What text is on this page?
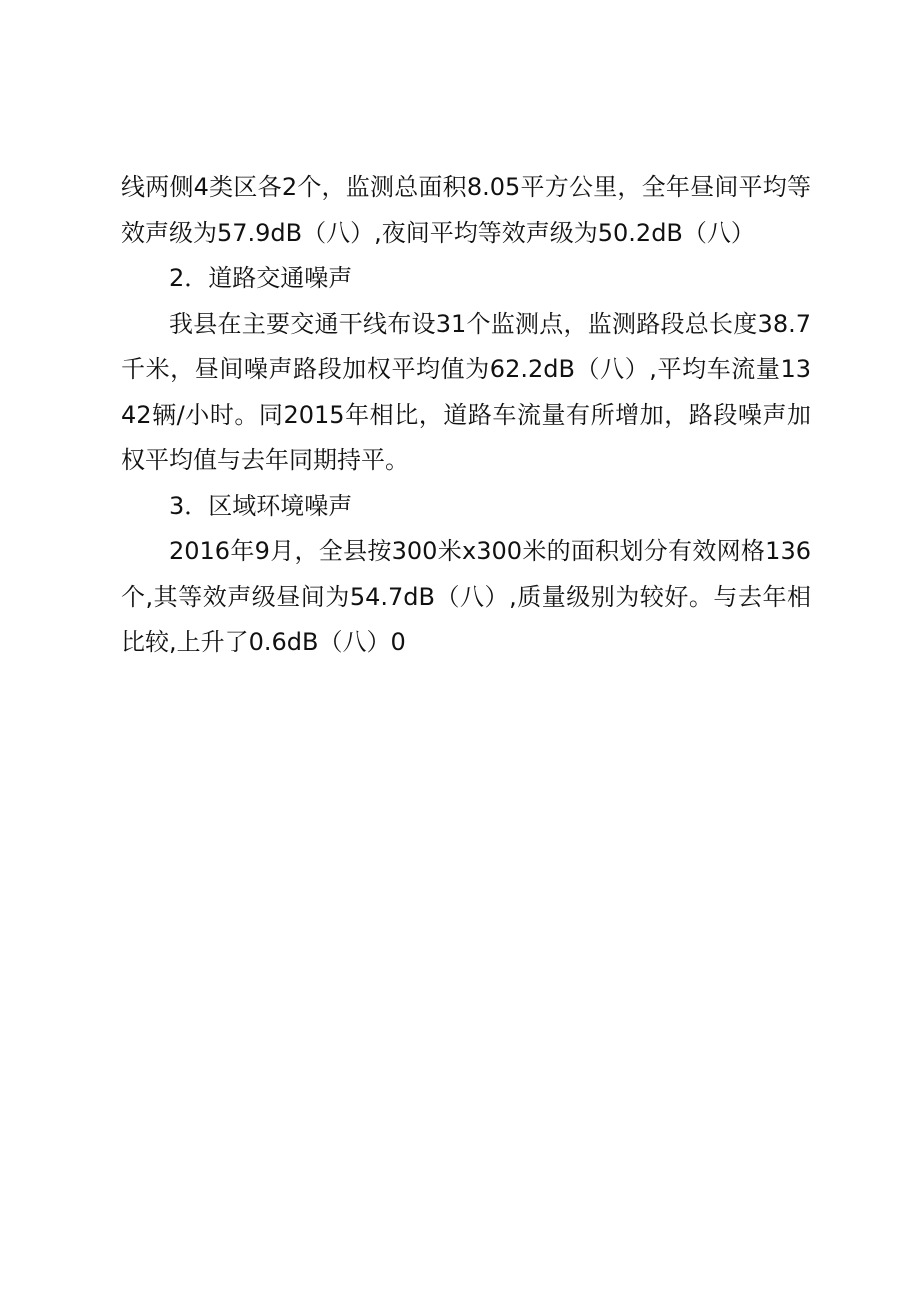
线两侧4类区各2个，监测总面积8.05平方公里，全年昼间平均等效声级为57.9dB（八）,夜间平均等效声级为50.2dB（八）

2．道路交通噪声

我县在主要交通干线布设31个监测点，监测路段总长度38.7千米，昼间噪声路段加权平均值为62.2dB（八）,平均车流量1342辆/小时。同2015年相比，道路车流量有所增加，路段噪声加权平均值与去年同期持平。

3．区域环境噪声

2016年9月，全县按300米x300米的面积划分有效网格136个,其等效声级昼间为54.7dB（八）,质量级别为较好。与去年相比较,上升了0.6dB（八）0
